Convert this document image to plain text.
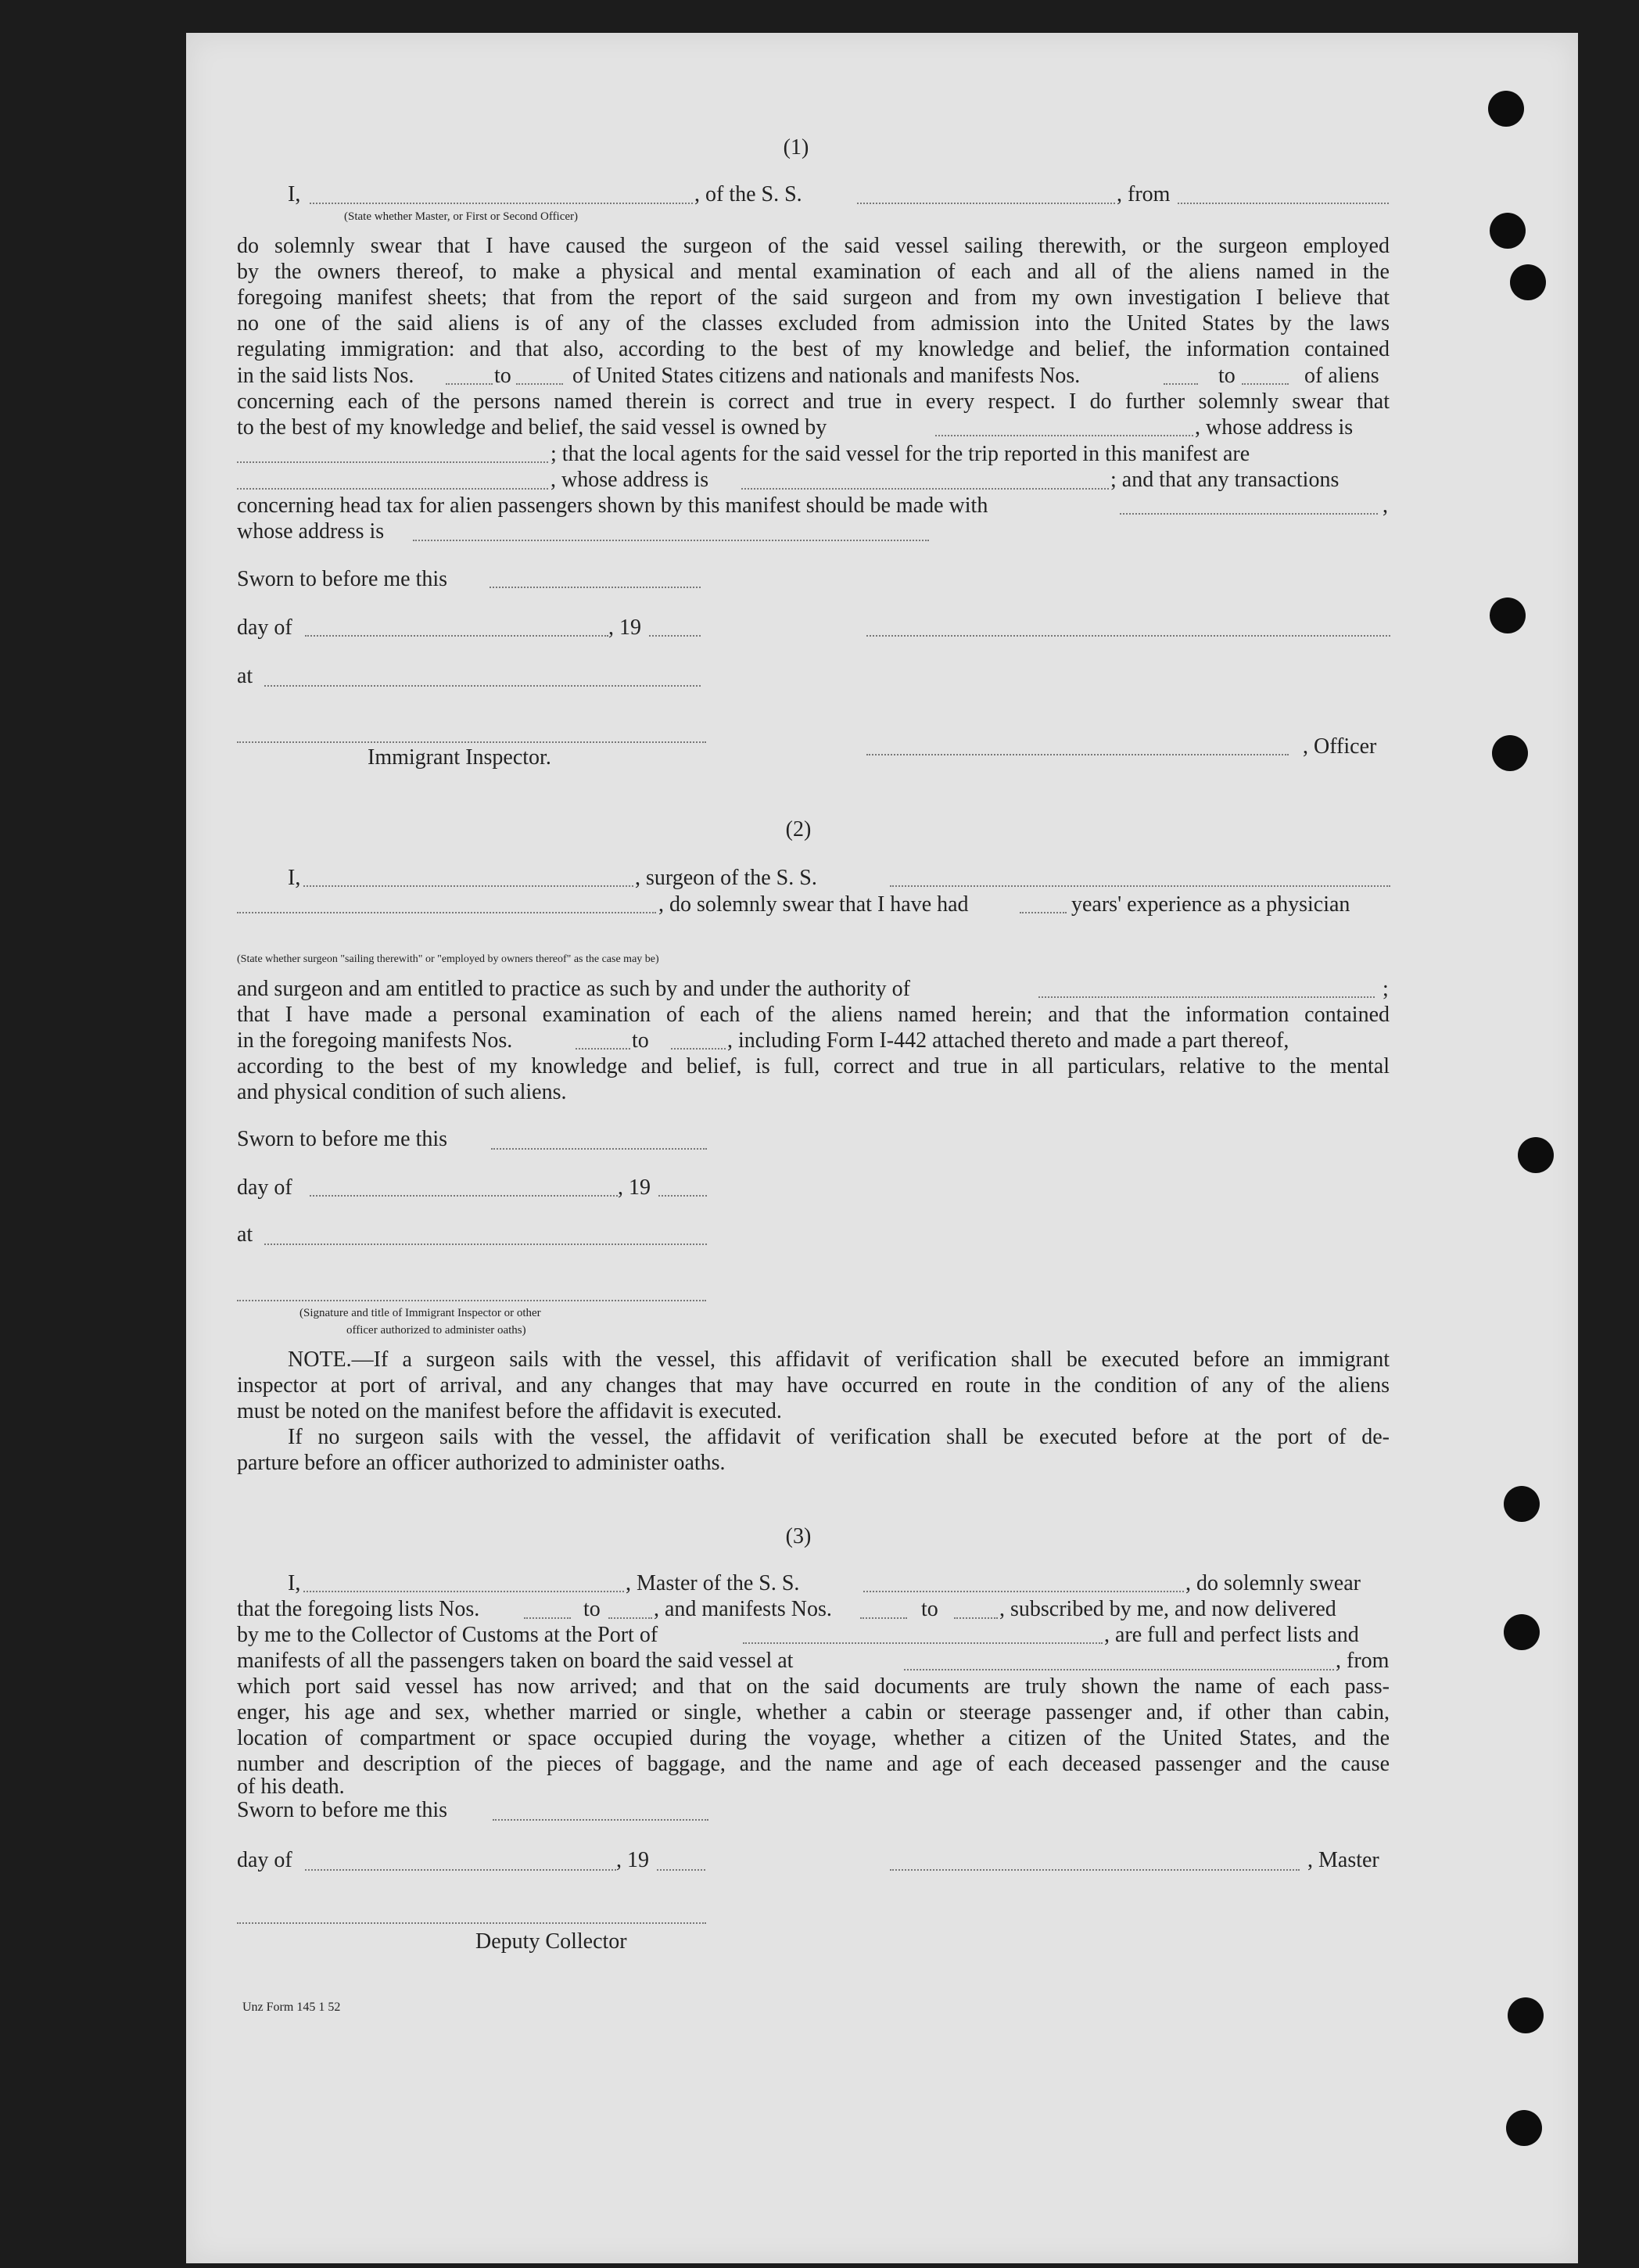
(1)
I,	, of the S. S.	, from
(State whether Master, or First or Second Officer)
do solemnly swear that I have caused the surgeon of the said vessel sailing therewith, or the surgeon employed
by the owners thereof, to make a physical and mental examination of each and all of the aliens named in the
foregoing manifest sheets; that from the report of the said surgeon and from my own investigation I believe that
no one of the said aliens is of any of the classes excluded from admission into the United States by the laws
regulating immigration: and that also, according to the best of my knowledge and belief, the information contained
in the said lists Nos.	to	of United States citizens and nationals and manifests Nos.	to	of aliens
concerning each of the persons named therein is correct and true in every respect. I do further solemnly swear that
to the best of my knowledge and belief, the said vessel is owned by	, whose address is
; that the local agents for the said vessel for the trip reported in this manifest are
, whose address is	; and that any transactions
concerning head tax for alien passengers shown by this manifest should be made with	,
whose address is
Sworn to before me this
day of	, 19
at
, Officer
Immigrant Inspector.
(2)
I,	, surgeon of the S. S.
, do solemnly swear that I have had	years' experience as a physician
(State whether surgeon "sailing therewith" or "employed by owners thereof" as the case may be)
and surgeon and am entitled to practice as such by and under the authority of	;
that I have made a personal examination of each of the aliens named herein; and that the information contained
in the foregoing manifests Nos.	to	, including Form I-442 attached thereto and made a part thereof,
according to the best of my knowledge and belief, is full, correct and true in all particulars, relative to the mental
and physical condition of such aliens.
Sworn to before me this
day of	, 19
at
(Signature and title of Immigrant Inspector or other
officer authorized to administer oaths)
NOTE.—If a surgeon sails with the vessel, this affidavit of verification shall be executed before an immigrant
inspector at port of arrival, and any changes that may have occurred en route in the condition of any of the aliens
must be noted on the manifest before the affidavit is executed.
If no surgeon sails with the vessel, the affidavit of verification shall be executed before at the port of de-
parture before an officer authorized to administer oaths.
(3)
I,	, Master of the S. S.	, do solemnly swear
that the foregoing lists Nos.	to , and manifests Nos.	to	, subscribed by me, and now delivered
by me to the Collector of Customs at the Port of	, are full and perfect lists and
manifests of all the passengers taken on board the said vessel at	, from
which port said vessel has now arrived; and that on the said documents are truly shown the name of each pass-
enger, his age and sex, whether married or single, whether a cabin or steerage passenger and, if other than cabin,
location of compartment or space occupied during the voyage, whether a citizen of the United States, and the
number and description of the pieces of baggage, and the name and age of each deceased passenger and the cause
of his death.
Sworn to before me this
day of	, 19	, Master
Deputy Collector
Unz Form 145 1 52
